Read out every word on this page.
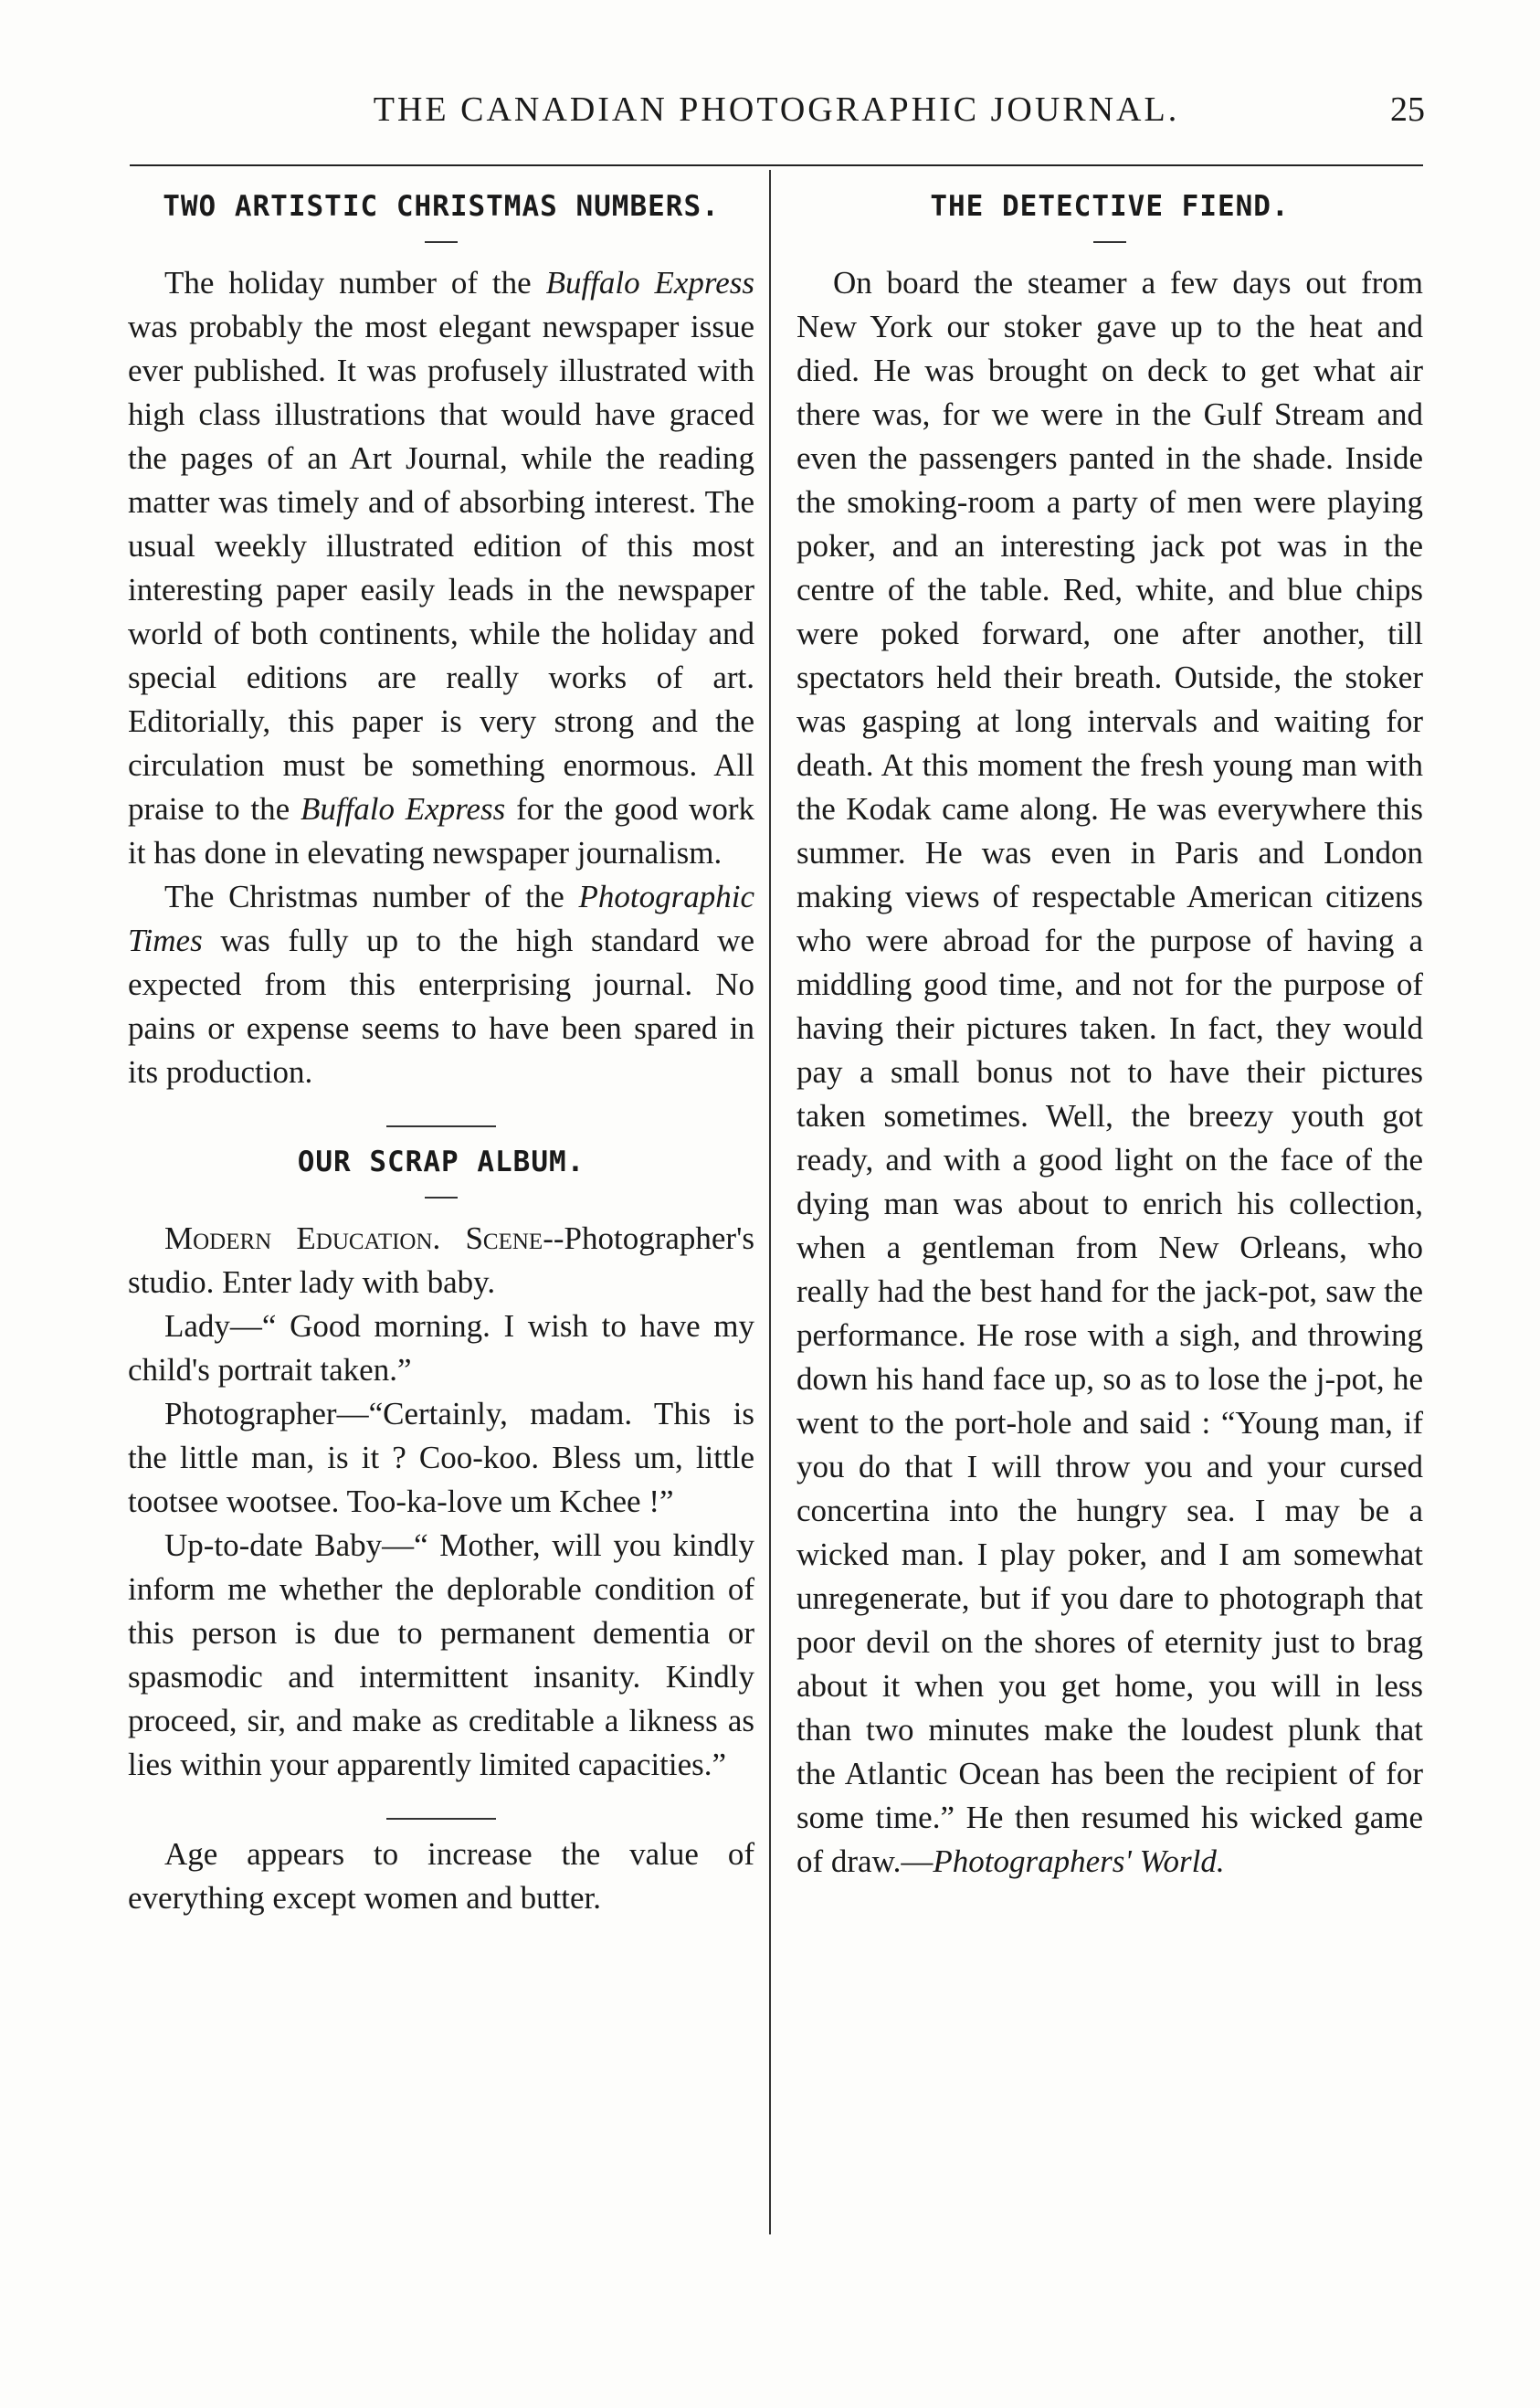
THE CANADIAN PHOTOGRAPHIC JOURNAL.	25
TWO ARTISTIC CHRISTMAS NUMBERS.

The holiday number of the Buffalo Express was probably the most elegant newspaper issue ever published. It was profusely illustrated with high class illustrations that would have graced the pages of an Art Journal, while the reading matter was timely and of absorbing interest. The usual weekly illustrated edition of this most interesting paper easily leads in the newspaper world of both continents, while the holiday and special editions are really works of art. Editorially, this paper is very strong and the circulation must be something enormous. All praise to the Buffalo Express for the good work it has done in elevating newspaper journalism.

The Christmas number of the Photographic Times was fully up to the high standard we expected from this enterprising journal. No pains or expense seems to have been spared in its production.

OUR SCRAP ALBUM.

Modern Education. Scene--Photographer's studio. Enter lady with baby.

Lady—“ Good morning. I wish to have my child's portrait taken.”

Photographer—“Certainly, madam. This is the little man, is it ? Coo-koo. Bless um, little tootsee wootsee. Too-ka-love um Kchee !”

Up-to-date Baby—“ Mother, will you kindly inform me whether the deplorable condition of this person is due to permanent dementia or spasmodic and intermittent insanity. Kindly proceed, sir, and make as creditable a likness as lies within your apparently limited capacities.”

Age appears to increase the value of everything except women and butter.

THE DETECTIVE FIEND.

On board the steamer a few days out from New York our stoker gave up to the heat and died. He was brought on deck to get what air there was, for we were in the Gulf Stream and even the passengers panted in the shade. Inside the smoking-room a party of men were playing poker, and an interesting jack pot was in the centre of the table. Red, white, and blue chips were poked forward, one after another, till spectators held their breath. Outside, the stoker was gasping at long intervals and waiting for death. At this moment the fresh young man with the Kodak came along. He was everywhere this summer. He was even in Paris and London making views of respectable American citizens who were abroad for the purpose of having a middling good time, and not for the purpose of having their pictures taken. In fact, they would pay a small bonus not to have their pictures taken sometimes. Well, the breezy youth got ready, and with a good light on the face of the dying man was about to enrich his collection, when a gentleman from New Orleans, who really had the best hand for the jack-pot, saw the performance. He rose with a sigh, and throwing down his hand face up, so as to lose the j-pot, he went to the port-hole and said : “Young man, if you do that I will throw you and your cursed concertina into the hungry sea. I may be a wicked man. I play poker, and I am somewhat unregenerate, but if you dare to photograph that poor devil on the shores of eternity just to brag about it when you get home, you will in less than two minutes make the loudest plunk that the Atlantic Ocean has been the recipient of for some time.” He then resumed his wicked game of draw.—Photographers' World.
